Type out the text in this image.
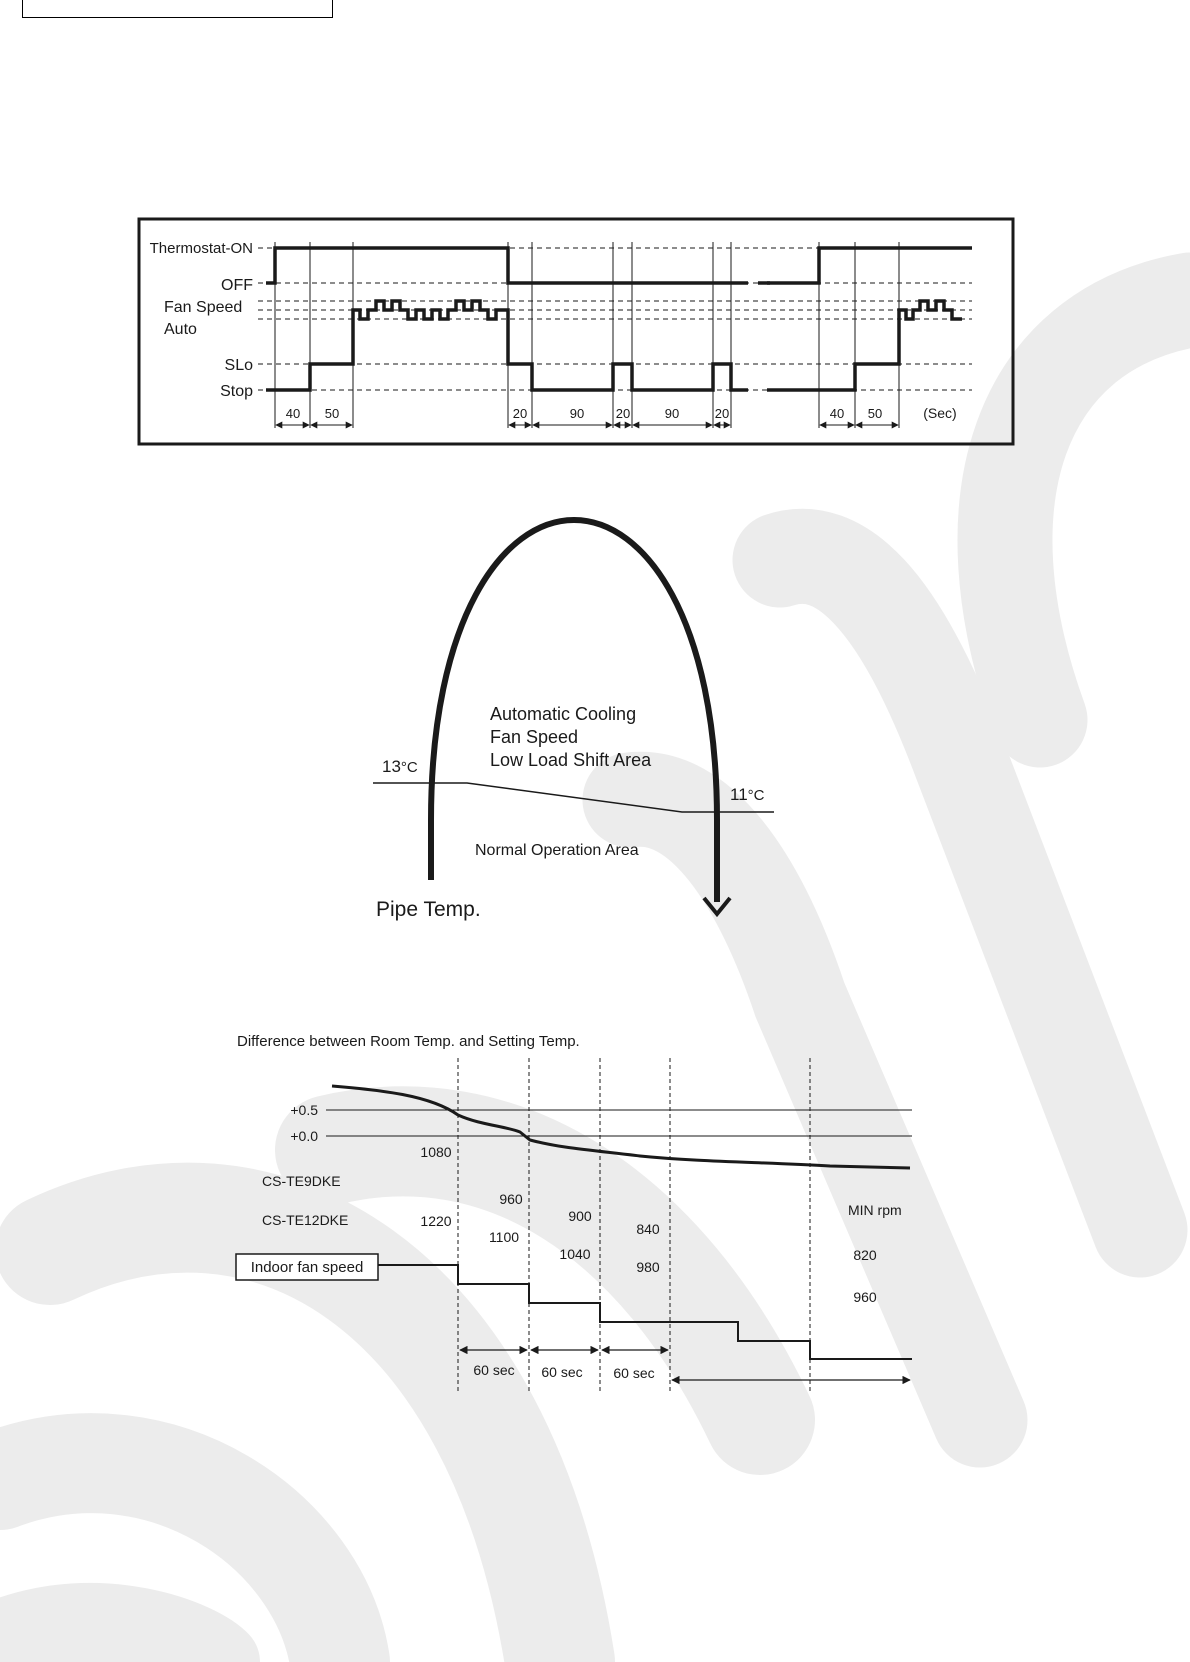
Thermostat-ON
OFF
Fan Speed
Auto
SLo
Stop
40 50	20	90 20	90	20	40 50	(Sec)
Automatic Cooling
Fan Speed
Low Load Shift Area
13°C
11°C
Normal Operation Area
Pipe Temp.
Difference between Room Temp. and Setting Temp.
+0.5
+0.0
CS-TE9DKE
CS-TE12DKE
1080
960
900
840
820
1220
1100
1040
980
960
MIN rpm
Indoor fan speed
60 sec 60 sec 60 sec
